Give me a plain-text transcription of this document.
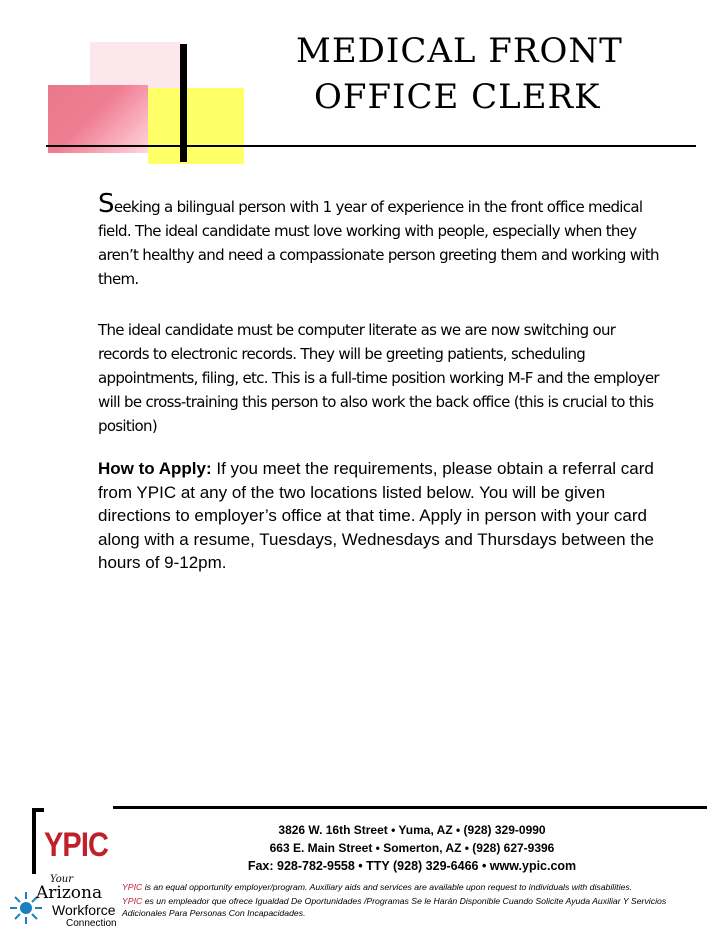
MEDICAL FRONT
OFFICE CLERK
Seeking a bilingual person with 1 year of experience in the front office medical field. The ideal candidate must love working with people, especially when they aren’t healthy and need a compassionate person greeting them and working with them.
The ideal candidate must be computer literate as we are now switching our records to electronic records. They will be greeting patients, scheduling appointments, filing, etc. This is a full-time position working M-F and the employer will be cross-training this person to also work the back office (this is crucial to this position)
How to Apply: If you meet the requirements, please obtain a referral card from YPIC at any of the two locations listed below. You will be given directions to employer’s office at that time. Apply in person with your card along with a resume, Tuesdays, Wednesdays and Thursdays between the hours of 9-12pm.
YPIC
Your
Arizona
Workforce
Connection
3826 W. 16th Street • Yuma, AZ • (928) 329-0990
663 E. Main Street • Somerton, AZ • (928) 627-9396
Fax: 928-782-9558 • TTY (928) 329-6466 • www.ypic.com
YPIC is an equal opportunity employer/program. Auxiliary aids and services are available upon request to individuals with disabilities.
YPIC es un empleador que ofrece Igualdad De Oportunidades /Programas Se le Harán Disponible Cuando Solicite Ayuda Auxiliar Y Servicios Adicionales Para Personas Con Incapacidades.
